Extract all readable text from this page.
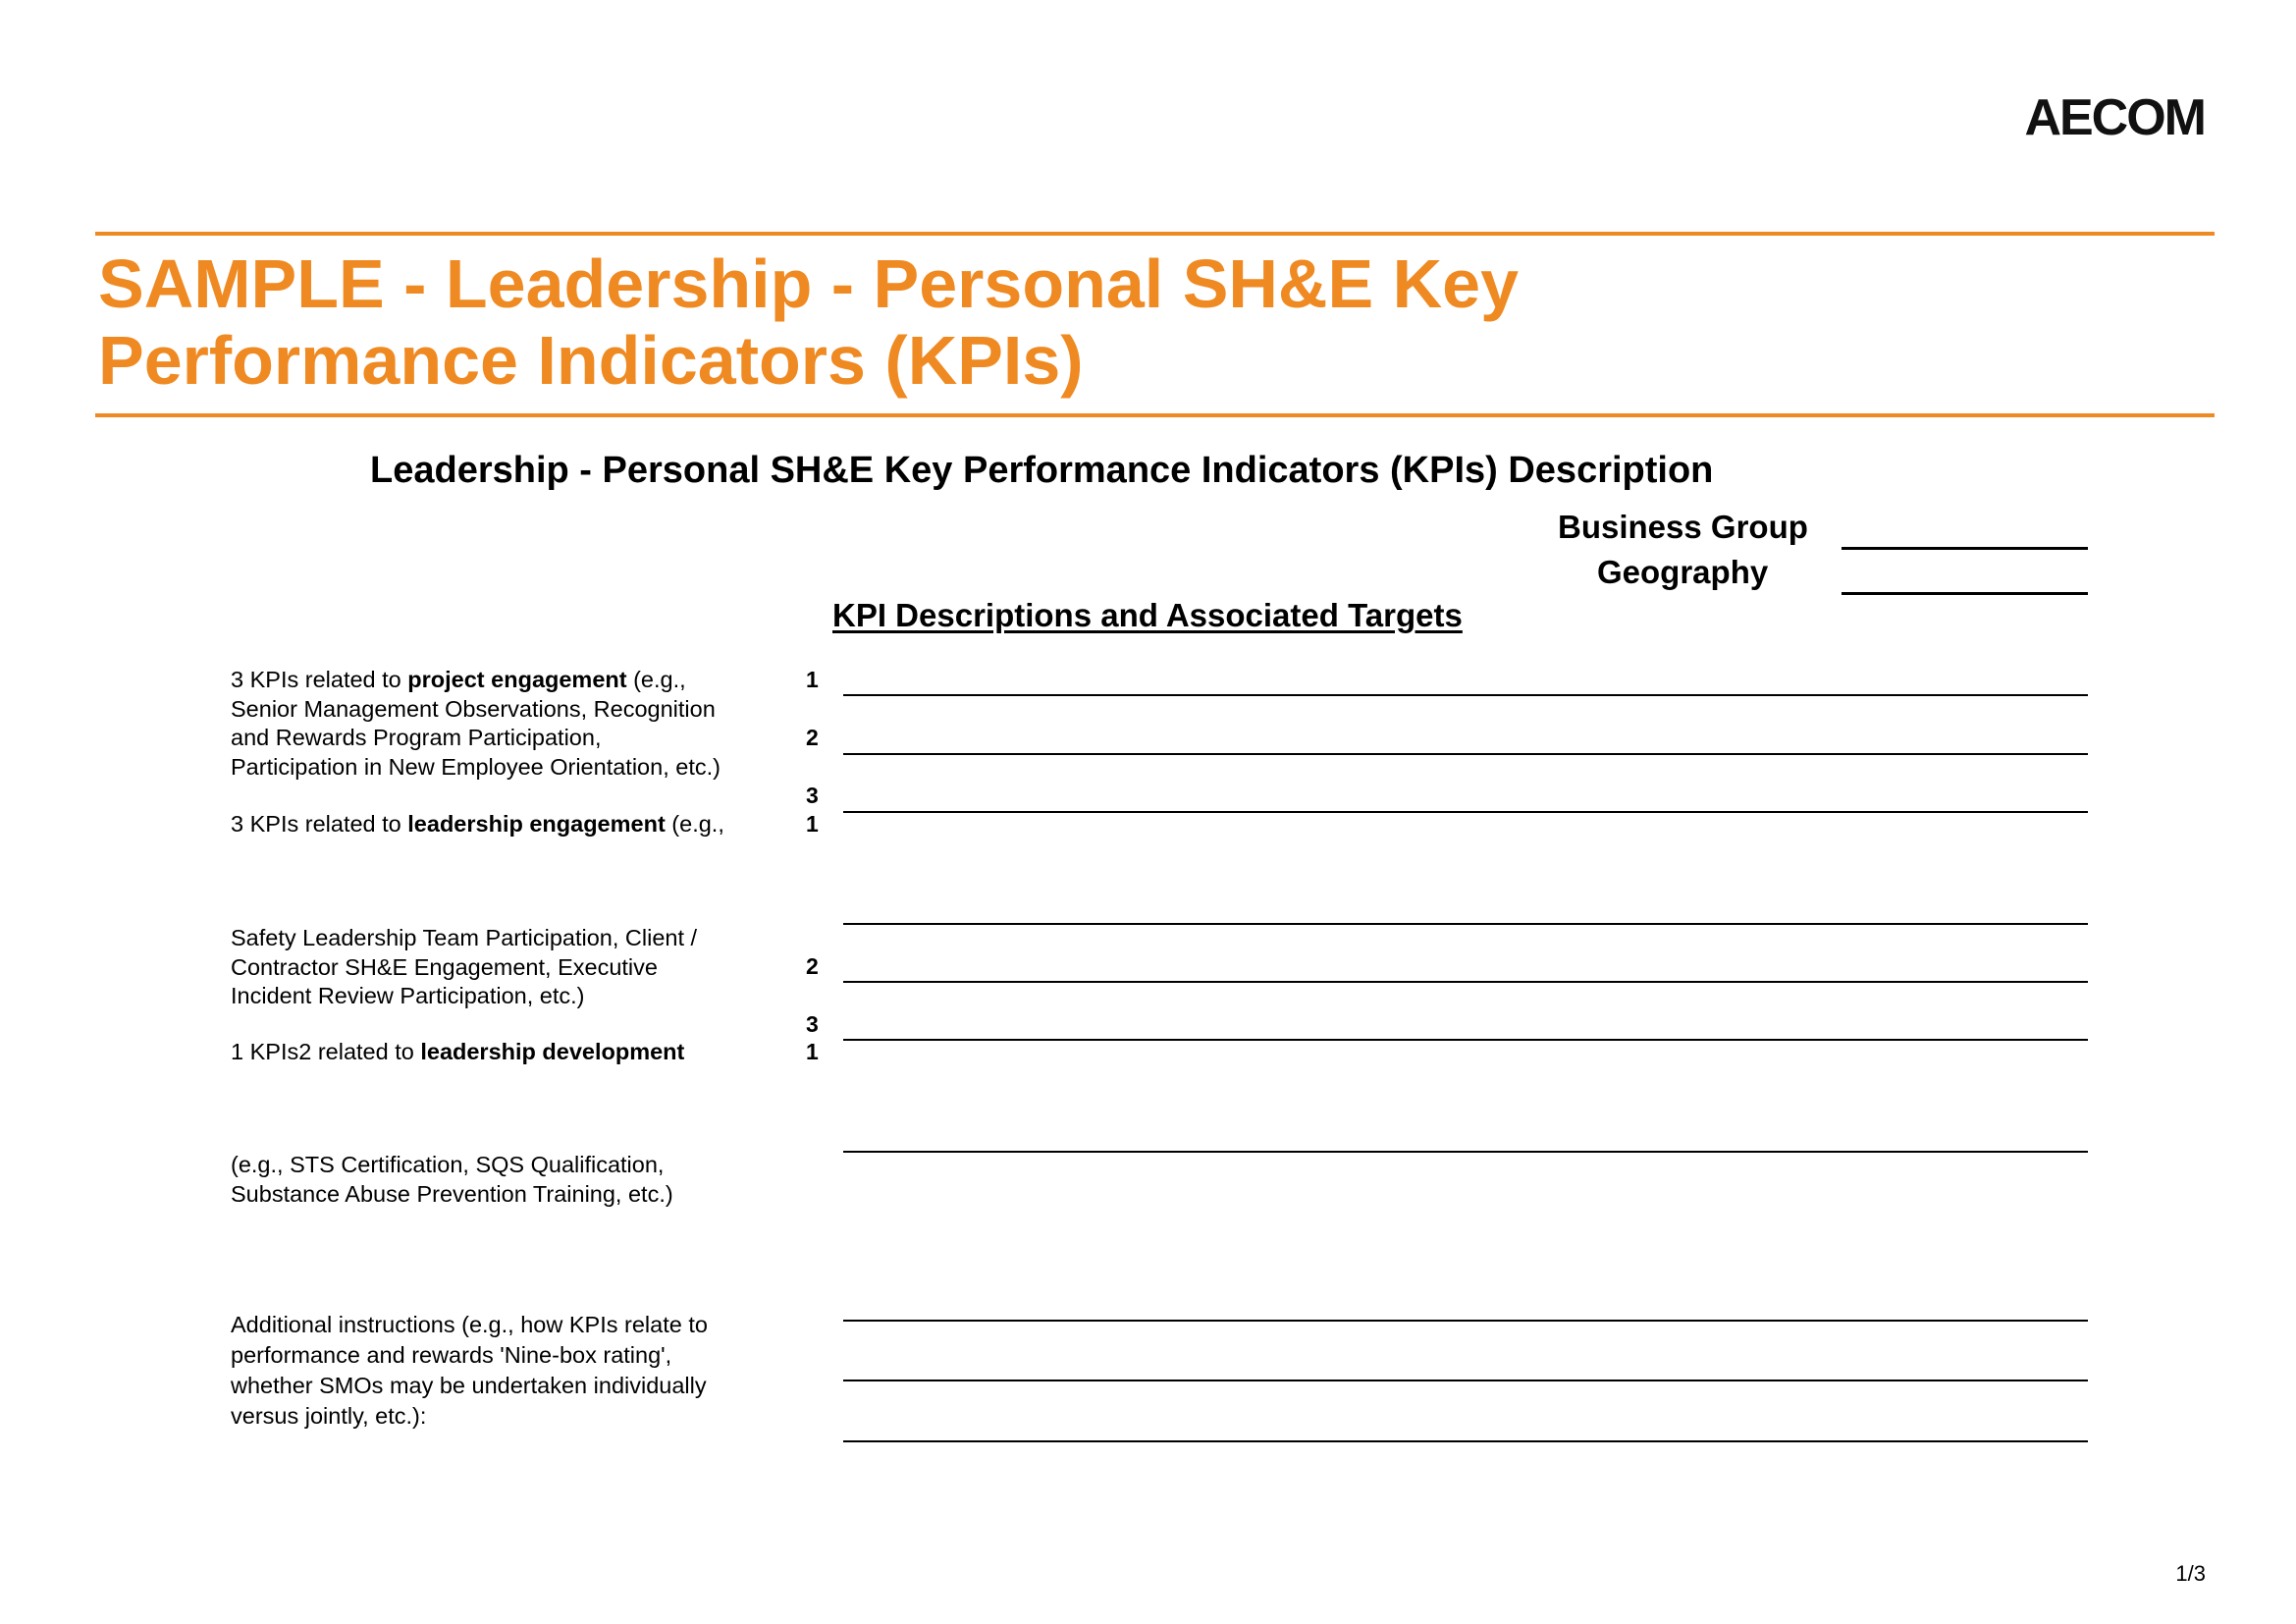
AECOM
SAMPLE - Leadership - Personal SH&E Key
Performance Indicators (KPIs)
Leadership - Personal SH&E Key Performance Indicators (KPIs) Description
Business Group
Geography
KPI Descriptions and Associated Targets
3 KPIs related to project engagement (e.g.,
Senior Management Observations, Recognition
and Rewards Program Participation,
Participation in New Employee Orientation, etc.)
1
2
3
3 KPIs related to leadership engagement (e.g.,	1
Safety Leadership Team Participation, Client /
Contractor SH&E Engagement, Executive
Incident Review Participation, etc.)
2
3
1 KPIs2 related to leadership development	1
(e.g., STS Certification, SQS Qualification,
Substance Abuse Prevention Training, etc.)
Additional instructions (e.g., how KPIs relate to
performance and rewards 'Nine-box rating',
whether SMOs may be undertaken individually
versus jointly, etc.):
1/3
